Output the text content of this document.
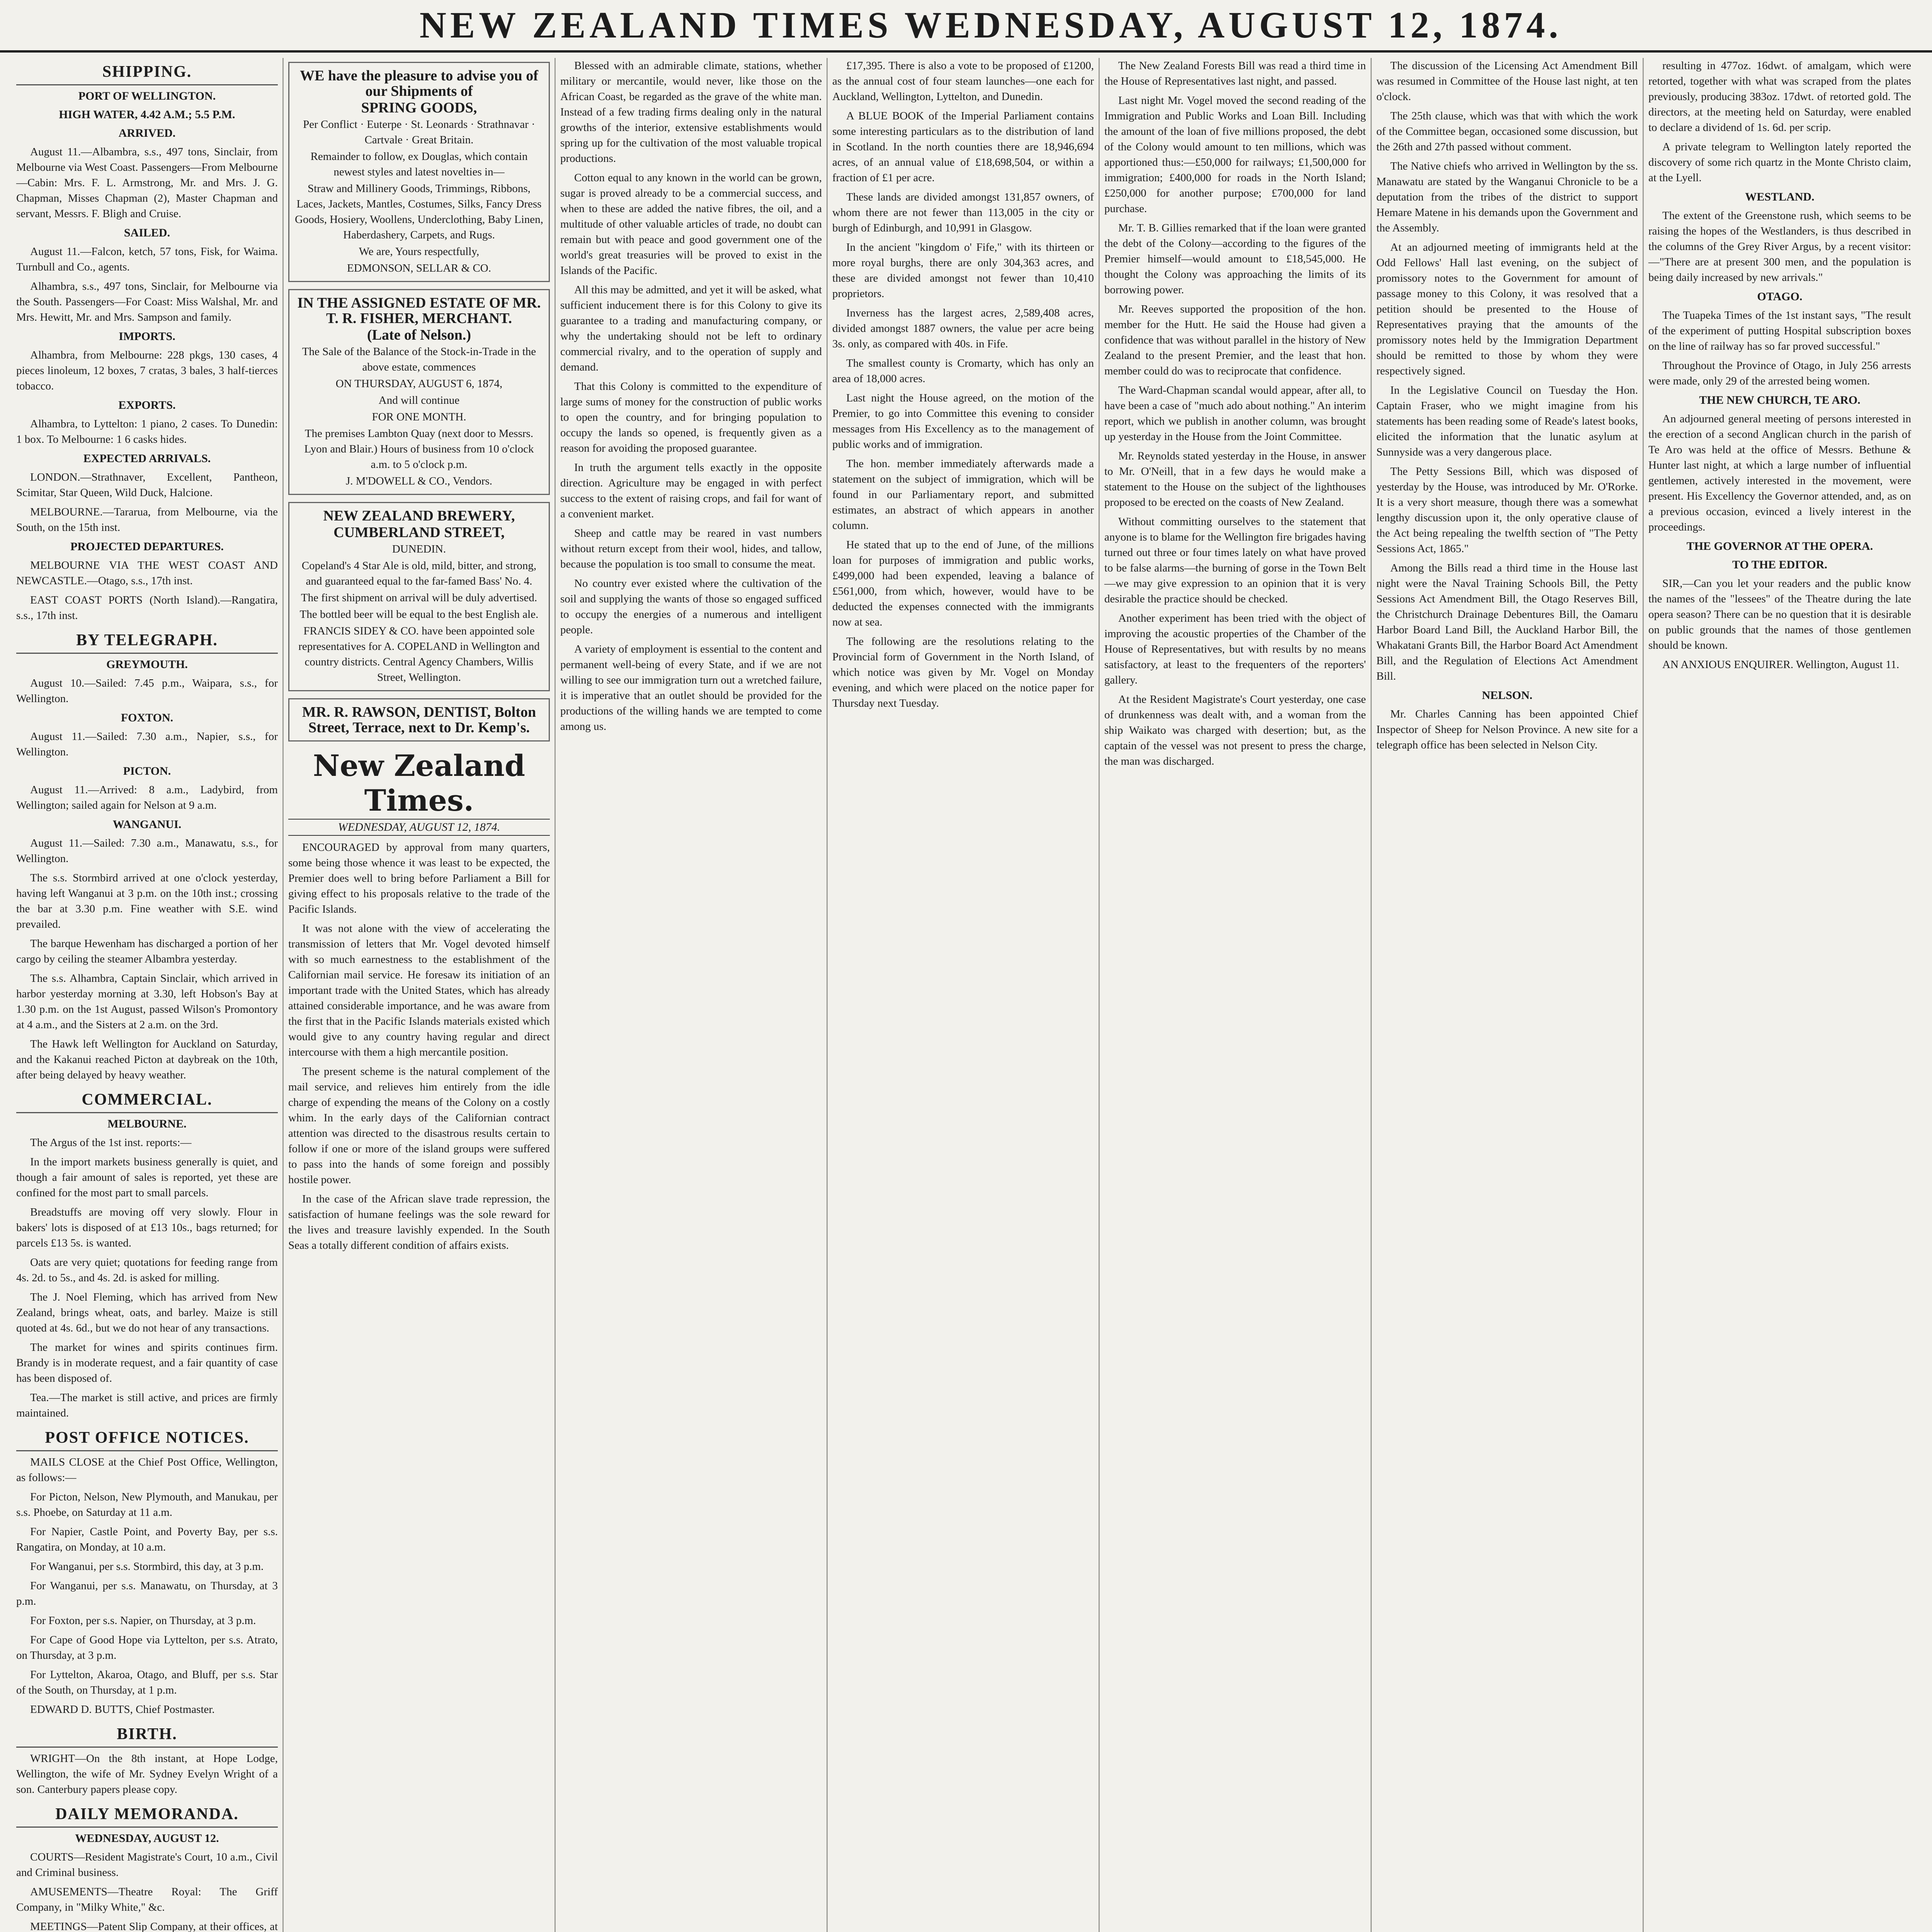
NEW ZEALAND TIMES WEDNESDAY, AUGUST 12, 1874.
SHIPPING.

PORT OF WELLINGTON.

HIGH WATER, 4.42 A.M.; 5.5 P.M.

ARRIVED.

August 11.—Albambra, s.s., 497 tons, Sinclair, from Melbourne via West Coast. Passengers—From Melbourne—Cabin: Mrs. F. L. Armstrong, Mr. and Mrs. J. G. Chapman, Misses Chapman (2), Master Chapman and servant, Messrs. F. Bligh and Cruise.

SAILED.

August 11.—Falcon, ketch, 57 tons, Fisk, for Waima. Turnbull and Co., agents.

Alhambra, s.s., 497 tons, Sinclair, for Melbourne via the South. Passengers—For Coast: Miss Walshal, Mr. and Mrs. Hewitt, Mr. and Mrs. Sampson and family.

IMPORTS.

Alhambra, from Melbourne: 228 pkgs, 130 cases, 4 pieces linoleum, 12 boxes, 7 cratas, 3 bales, 3 half-tierces tobacco.

EXPORTS.

Alhambra, to Lyttelton: 1 piano, 2 cases. To Dunedin: 1 box. To Melbourne: 1 6 casks hides.

EXPECTED ARRIVALS.

LONDON.—Strathnaver, Excellent, Pantheon, Scimitar, Star Queen, Wild Duck, Halcione.

MELBOURNE.—Tararua, from Melbourne, via the South, on the 15th inst.

PROJECTED DEPARTURES.

MELBOURNE VIA THE WEST COAST AND NEWCASTLE.—Otago, s.s., 17th inst.

EAST COAST PORTS (North Island).—Rangatira, s.s., 17th inst.

BY TELEGRAPH.

GREYMOUTH.

August 10.—Sailed: 7.45 p.m., Waipara, s.s., for Wellington.

FOXTON.

August 11.—Sailed: 7.30 a.m., Napier, s.s., for Wellington.

PICTON.

August 11.—Arrived: 8 a.m., Ladybird, from Wellington; sailed again for Nelson at 9 a.m.

WANGANUI.

August 11.—Sailed: 7.30 a.m., Manawatu, s.s., for Wellington.

The s.s. Stormbird arrived at one o'clock yesterday, having left Wanganui at 3 p.m. on the 10th inst.; crossing the bar at 3.30 p.m. Fine weather with S.E. wind prevailed.

The barque Hewenham has discharged a portion of her cargo by ceiling the steamer Albambra yesterday.

The s.s. Alhambra, Captain Sinclair, which arrived in harbor yesterday morning at 3.30, left Hobson's Bay at 1.30 p.m. on the 1st August, passed Wilson's Promontory at 4 a.m., and the Sisters at 2 a.m. on the 3rd.

The Hawk left Wellington for Auckland on Saturday, and the Kakanui reached Picton at daybreak on the 10th, after being delayed by heavy weather.

COMMERCIAL.

MELBOURNE.

The Argus of the 1st inst. reports:—

In the import markets business generally is quiet, and though a fair amount of sales is reported, yet these are confined for the most part to small parcels.

Breadstuffs are moving off very slowly. Flour in bakers' lots is disposed of at £13 10s., bags returned; for parcels £13 5s. is wanted.

Oats are very quiet; quotations for feeding range from 4s. 2d. to 5s., and 4s. 2d. is asked for milling.

The J. Noel Fleming, which has arrived from New Zealand, brings wheat, oats, and barley. Maize is still quoted at 4s. 6d., but we do not hear of any transactions.

The market for wines and spirits continues firm. Brandy is in moderate request, and a fair quantity of case has been disposed of.

Tea.—The market is still active, and prices are firmly maintained.

POST OFFICE NOTICES.

MAILS CLOSE at the Chief Post Office, Wellington, as follows:—

For Picton, Nelson, New Plymouth, and Manukau, per s.s. Phoebe, on Saturday at 11 a.m.

For Napier, Castle Point, and Poverty Bay, per s.s. Rangatira, on Monday, at 10 a.m.

For Wanganui, per s.s. Stormbird, this day, at 3 p.m.

For Wanganui, per s.s. Manawatu, on Thursday, at 3 p.m.

For Foxton, per s.s. Napier, on Thursday, at 3 p.m.

For Cape of Good Hope via Lyttelton, per s.s. Atrato, on Thursday, at 3 p.m.

For Lyttelton, Akaroa, Otago, and Bluff, per s.s. Star of the South, on Thursday, at 1 p.m.

EDWARD D. BUTTS, Chief Postmaster.

BIRTH.

WRIGHT—On the 8th instant, at Hope Lodge, Wellington, the wife of Mr. Sydney Evelyn Wright of a son. Canterbury papers please copy.

DAILY MEMORANDA.

WEDNESDAY, AUGUST 12.

COURTS—Resident Magistrate's Court, 10 a.m., Civil and Criminal business.

AMUSEMENTS—Theatre Royal: The Griff Company, in "Milky White," &c.

MEETINGS—Patent Slip Company, at their offices, at

WE have the pleasure to advise you of our Shipments of
SPRING GOODS,
Per Conflict · Euterpe · St. Leonards · Strathnavar · Cartvale · Great Britain.
Remainder to follow, ex Douglas, which contain newest styles and latest novelties in—
Straw and Millinery Goods, Trimmings, Ribbons, Laces, Jackets, Mantles, Costumes, Silks, Fancy Dress Goods, Hosiery, Woollens, Underclothing, Baby Linen, Haberdashery, Carpets, and Rugs.
We are, Yours respectfully,
EDMONSON, SELLAR & CO.
IN THE ASSIGNED ESTATE OF MR. T. R. FISHER, MERCHANT.
(Late of Nelson.)
The Sale of the Balance of the Stock-in-Trade in the above estate, commences
ON THURSDAY, AUGUST 6, 1874,
And will continue
FOR ONE MONTH.
The premises Lambton Quay (next door to Messrs. Lyon and Blair.) Hours of business from 10 o'clock a.m. to 5 o'clock p.m.
J. M'DOWELL & CO., Vendors.
NEW ZEALAND BREWERY,
CUMBERLAND STREET,
DUNEDIN.
Copeland's 4 Star Ale is old, mild, bitter, and strong, and guaranteed equal to the far-famed Bass' No. 4.
The first shipment on arrival will be duly advertised.
The bottled beer will be equal to the best English ale.
FRANCIS SIDEY & CO. have been appointed sole representatives for A. COPELAND in Wellington and country districts. Central Agency Chambers, Willis Street, Wellington.
MR. R. RAWSON, DENTIST, Bolton Street, Terrace, next to Dr. Kemp's.
New Zealand Times.
WEDNESDAY, AUGUST 12, 1874.

ENCOURAGED by approval from many quarters, some being those whence it was least to be expected, the Premier does well to bring before Parliament a Bill for giving effect to his proposals relative to the trade of the Pacific Islands.

It was not alone with the view of accelerating the transmission of letters that Mr. Vogel devoted himself with so much earnestness to the establishment of the Californian mail service. He foresaw its initiation of an important trade with the United States, which has already attained considerable importance, and he was aware from the first that in the Pacific Islands materials existed which would give to any country having regular and direct intercourse with them a high mercantile position.

The present scheme is the natural complement of the mail service, and relieves him entirely from the idle charge of expending the means of the Colony on a costly whim. In the early days of the Californian contract attention was directed to the disastrous results certain to follow if one or more of the island groups were suffered to pass into the hands of some foreign and possibly hostile power.

In the case of the African slave trade repression, the satisfaction of humane feelings was the sole reward for the lives and treasure lavishly expended. In the South Seas a totally different condition of affairs exists.

Blessed with an admirable climate, stations, whether military or mercantile, would never, like those on the African Coast, be regarded as the grave of the white man. Instead of a few trading firms dealing only in the natural growths of the interior, extensive establishments would spring up for the cultivation of the most valuable tropical productions.

Cotton equal to any known in the world can be grown, sugar is proved already to be a commercial success, and when to these are added the native fibres, the oil, and a multitude of other valuable articles of trade, no doubt can remain but with peace and good government one of the world's great treasuries will be proved to exist in the Islands of the Pacific.

All this may be admitted, and yet it will be asked, what sufficient inducement there is for this Colony to give its guarantee to a trading and manufacturing company, or why the undertaking should not be left to ordinary commercial rivalry, and to the operation of supply and demand.

That this Colony is committed to the expenditure of large sums of money for the construction of public works to open the country, and for bringing population to occupy the lands so opened, is frequently given as a reason for avoiding the proposed guarantee.

In truth the argument tells exactly in the opposite direction. Agriculture may be engaged in with perfect success to the extent of raising crops, and fail for want of a convenient market.

Sheep and cattle may be reared in vast numbers without return except from their wool, hides, and tallow, because the population is too small to consume the meat.

No country ever existed where the cultivation of the soil and supplying the wants of those so engaged sufficed to occupy the energies of a numerous and intelligent people.

A variety of employment is essential to the content and permanent well-being of every State, and if we are not willing to see our immigration turn out a wretched failure, it is imperative that an outlet should be provided for the productions of the willing hands we are tempted to come among us.

£17,395. There is also a vote to be proposed of £1200, as the annual cost of four steam launches—one each for Auckland, Wellington, Lyttelton, and Dunedin.

A BLUE BOOK of the Imperial Parliament contains some interesting particulars as to the distribution of land in Scotland. In the north counties there are 18,946,694 acres, of an annual value of £18,698,504, or within a fraction of £1 per acre.

These lands are divided amongst 131,857 owners, of whom there are not fewer than 113,005 in the city or burgh of Edinburgh, and 10,991 in Glasgow.

In the ancient "kingdom o' Fife," with its thirteen or more royal burghs, there are only 304,363 acres, and these are divided amongst not fewer than 10,410 proprietors.

Inverness has the largest acres, 2,589,408 acres, divided amongst 1887 owners, the value per acre being 3s. only, as compared with 40s. in Fife.

The smallest county is Cromarty, which has only an area of 18,000 acres.

Last night the House agreed, on the motion of the Premier, to go into Committee this evening to consider messages from His Excellency as to the management of public works and of immigration.

The hon. member immediately afterwards made a statement on the subject of immigration, which will be found in our Parliamentary report, and submitted estimates, an abstract of which appears in another column.

He stated that up to the end of June, of the millions loan for purposes of immigration and public works, £499,000 had been expended, leaving a balance of £561,000, from which, however, would have to be deducted the expenses connected with the immigrants now at sea.

The following are the resolutions relating to the Provincial form of Government in the North Island, of which notice was given by Mr. Vogel on Monday evening, and which were placed on the notice paper for Thursday next Tuesday.

The New Zealand Forests Bill was read a third time in the House of Representatives last night, and passed.

Last night Mr. Vogel moved the second reading of the Immigration and Public Works and Loan Bill. Including the amount of the loan of five millions proposed, the debt of the Colony would amount to ten millions, which was apportioned thus:—£50,000 for railways; £1,500,000 for immigration; £400,000 for roads in the North Island; £250,000 for another purpose; £700,000 for land purchase.

Mr. T. B. Gillies remarked that if the loan were granted the debt of the Colony—according to the figures of the Premier himself—would amount to £18,545,000. He thought the Colony was approaching the limits of its borrowing power.

Mr. Reeves supported the proposition of the hon. member for the Hutt. He said the House had given a confidence that was without parallel in the history of New Zealand to the present Premier, and the least that hon. member could do was to reciprocate that confidence.

The Ward-Chapman scandal would appear, after all, to have been a case of "much ado about nothing." An interim report, which we publish in another column, was brought up yesterday in the House from the Joint Committee.

Mr. Reynolds stated yesterday in the House, in answer to Mr. O'Neill, that in a few days he would make a statement to the House on the subject of the lighthouses proposed to be erected on the coasts of New Zealand.

Without committing ourselves to the statement that anyone is to blame for the Wellington fire brigades having turned out three or four times lately on what have proved to be false alarms—the burning of gorse in the Town Belt—we may give expression to an opinion that it is very desirable the practice should be checked.

Another experiment has been tried with the object of improving the acoustic properties of the Chamber of the House of Representatives, but with results by no means satisfactory, at least to the frequenters of the reporters' gallery.

At the Resident Magistrate's Court yesterday, one case of drunkenness was dealt with, and a woman from the ship Waikato was charged with desertion; but, as the captain of the vessel was not present to press the charge, the man was discharged.

The discussion of the Licensing Act Amendment Bill was resumed in Committee of the House last night, at ten o'clock.

The 25th clause, which was that with which the work of the Committee began, occasioned some discussion, but the 26th and 27th passed without comment.

The Native chiefs who arrived in Wellington by the ss. Manawatu are stated by the Wanganui Chronicle to be a deputation from the tribes of the district to support Hemare Matene in his demands upon the Government and the Assembly.

At an adjourned meeting of immigrants held at the Odd Fellows' Hall last evening, on the subject of promissory notes to the Government for amount of passage money to this Colony, it was resolved that a petition should be presented to the House of Representatives praying that the amounts of the promissory notes held by the Immigration Department should be remitted to those by whom they were respectively signed.

In the Legislative Council on Tuesday the Hon. Captain Fraser, who we might imagine from his statements has been reading some of Reade's latest books, elicited the information that the lunatic asylum at Sunnyside was a very dangerous place.

The Petty Sessions Bill, which was disposed of yesterday by the House, was introduced by Mr. O'Rorke. It is a very short measure, though there was a somewhat lengthy discussion upon it, the only operative clause of the Act being repealing the twelfth section of "The Petty Sessions Act, 1865."

Among the Bills read a third time in the House last night were the Naval Training Schools Bill, the Petty Sessions Act Amendment Bill, the Otago Reserves Bill, the Christchurch Drainage Debentures Bill, the Oamaru Harbor Board Land Bill, the Auckland Harbor Bill, the Whakatani Grants Bill, the Harbor Board Act Amendment Bill, and the Regulation of Elections Act Amendment Bill.

NELSON.

Mr. Charles Canning has been appointed Chief Inspector of Sheep for Nelson Province. A new site for a telegraph office has been selected in Nelson City.

resulting in 477oz. 16dwt. of amalgam, which were retorted, together with what was scraped from the plates previously, producing 383oz. 17dwt. of retorted gold. The directors, at the meeting held on Saturday, were enabled to declare a dividend of 1s. 6d. per scrip.

A private telegram to Wellington lately reported the discovery of some rich quartz in the Monte Christo claim, at the Lyell.

WESTLAND.

The extent of the Greenstone rush, which seems to be raising the hopes of the Westlanders, is thus described in the columns of the Grey River Argus, by a recent visitor:—"There are at present 300 men, and the population is being daily increased by new arrivals."

OTAGO.

The Tuapeka Times of the 1st instant says, "The result of the experiment of putting Hospital subscription boxes on the line of railway has so far proved successful."

Throughout the Province of Otago, in July 256 arrests were made, only 29 of the arrested being women.

THE NEW CHURCH, TE ARO.

An adjourned general meeting of persons interested in the erection of a second Anglican church in the parish of Te Aro was held at the office of Messrs. Bethune & Hunter last night, at which a large number of influential gentlemen, actively interested in the movement, were present. His Excellency the Governor attended, and, as on a previous occasion, evinced a lively interest in the proceedings.

THE GOVERNOR AT THE OPERA.

TO THE EDITOR.

SIR,—Can you let your readers and the public know the names of the "lessees" of the Theatre during the late opera season? There can be no question that it is desirable on public grounds that the names of those gentlemen should be known.

AN ANXIOUS ENQUIRER. Wellington, August 11.
